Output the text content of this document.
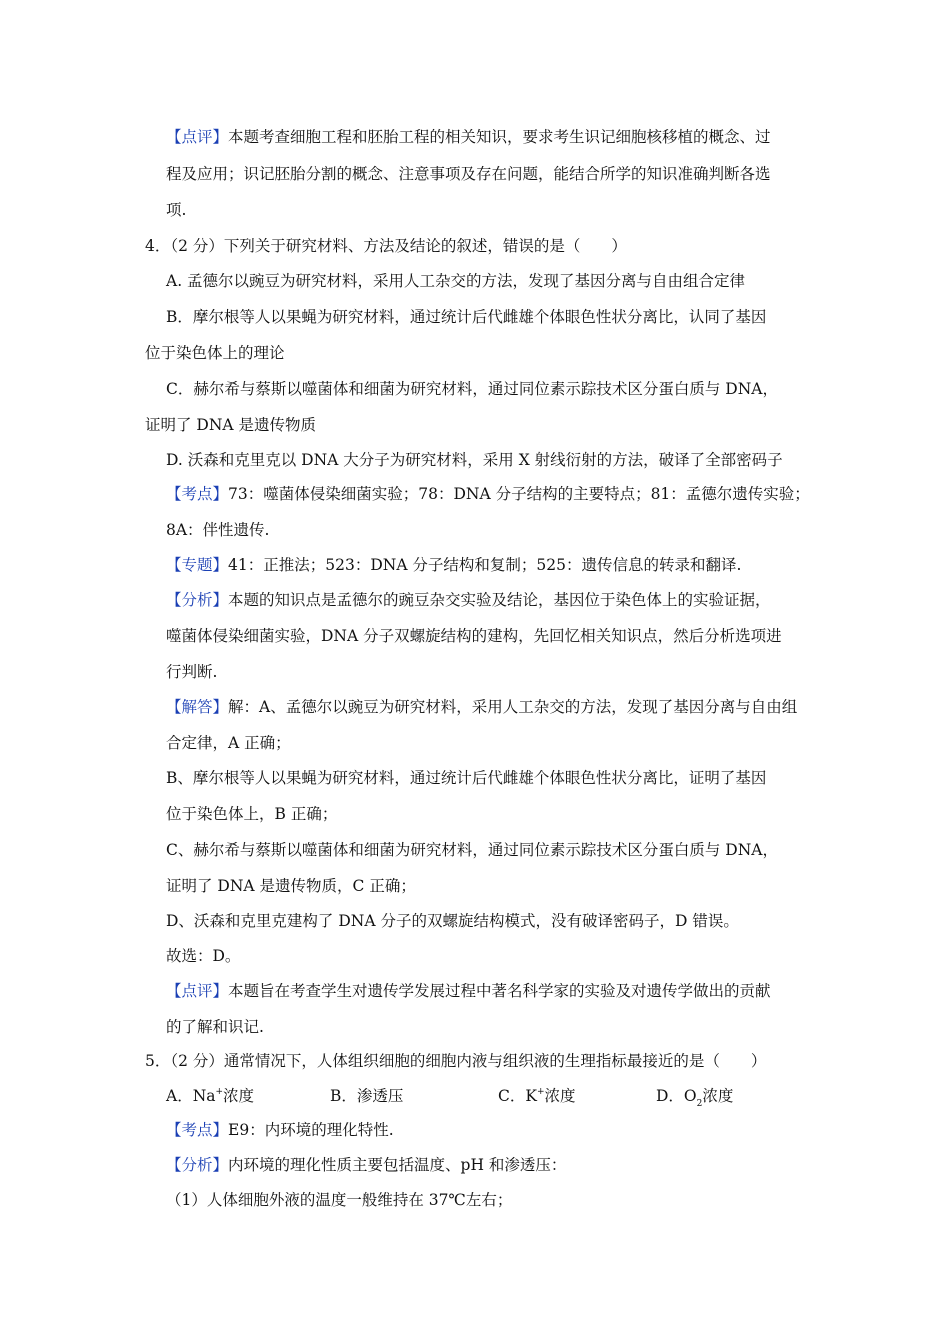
【点评】本题考查细胞工程和胚胎工程的相关知识，要求考生识记细胞核移植的概念、过
程及应用；识记胚胎分割的概念、注意事项及存在问题，能结合所学的知识准确判断各选
项.
4．（2 分）下列关于研究材料、方法及结论的叙述，错误的是（　　）
A. 孟德尔以豌豆为研究材料，采用人工杂交的方法，发现了基因分离与自由组合定律
B．摩尔根等人以果蝇为研究材料，通过统计后代雌雄个体眼色性状分离比，认同了基因
位于染色体上的理论
C．赫尔希与蔡斯以噬菌体和细菌为研究材料，通过同位素示踪技术区分蛋白质与 DNA，
证明了 DNA 是遗传物质
D. 沃森和克里克以 DNA 大分子为研究材料，采用 X 射线衍射的方法，破译了全部密码子
【考点】73：噬菌体侵染细菌实验；78：DNA 分子结构的主要特点；81：孟德尔遗传实验；
8A：伴性遗传.
【专题】41：正推法；523：DNA 分子结构和复制；525：遗传信息的转录和翻译.
【分析】本题的知识点是孟德尔的豌豆杂交实验及结论，基因位于染色体上的实验证据，
噬菌体侵染细菌实验，DNA 分子双螺旋结构的建构，先回忆相关知识点，然后分析选项进
行判断.
【解答】解：A、孟德尔以豌豆为研究材料，采用人工杂交的方法，发现了基因分离与自由组
合定律，A 正确；
B、摩尔根等人以果蝇为研究材料，通过统计后代雌雄个体眼色性状分离比，证明了基因
位于染色体上，B 正确；
C、赫尔希与蔡斯以噬菌体和细菌为研究材料，通过同位素示踪技术区分蛋白质与 DNA，
证明了 DNA 是遗传物质，C 正确；
D、沃森和克里克建构了 DNA 分子的双螺旋结构模式，没有破译密码子，D 错误。
故选：D。
【点评】本题旨在考查学生对遗传学发展过程中著名科学家的实验及对遗传学做出的贡献
的了解和识记.
5．（2 分）通常情况下，人体组织细胞的细胞内液与组织液的生理指标最接近的是（　　）
A．Na+浓度	B．渗透压	C．K+浓度	D．$O_2$浓度
【考点】E9：内环境的理化特性.
【分析】内环境的理化性质主要包括温度、pH 和渗透压：
（1）人体细胞外液的温度一般维持在 37℃左右；
